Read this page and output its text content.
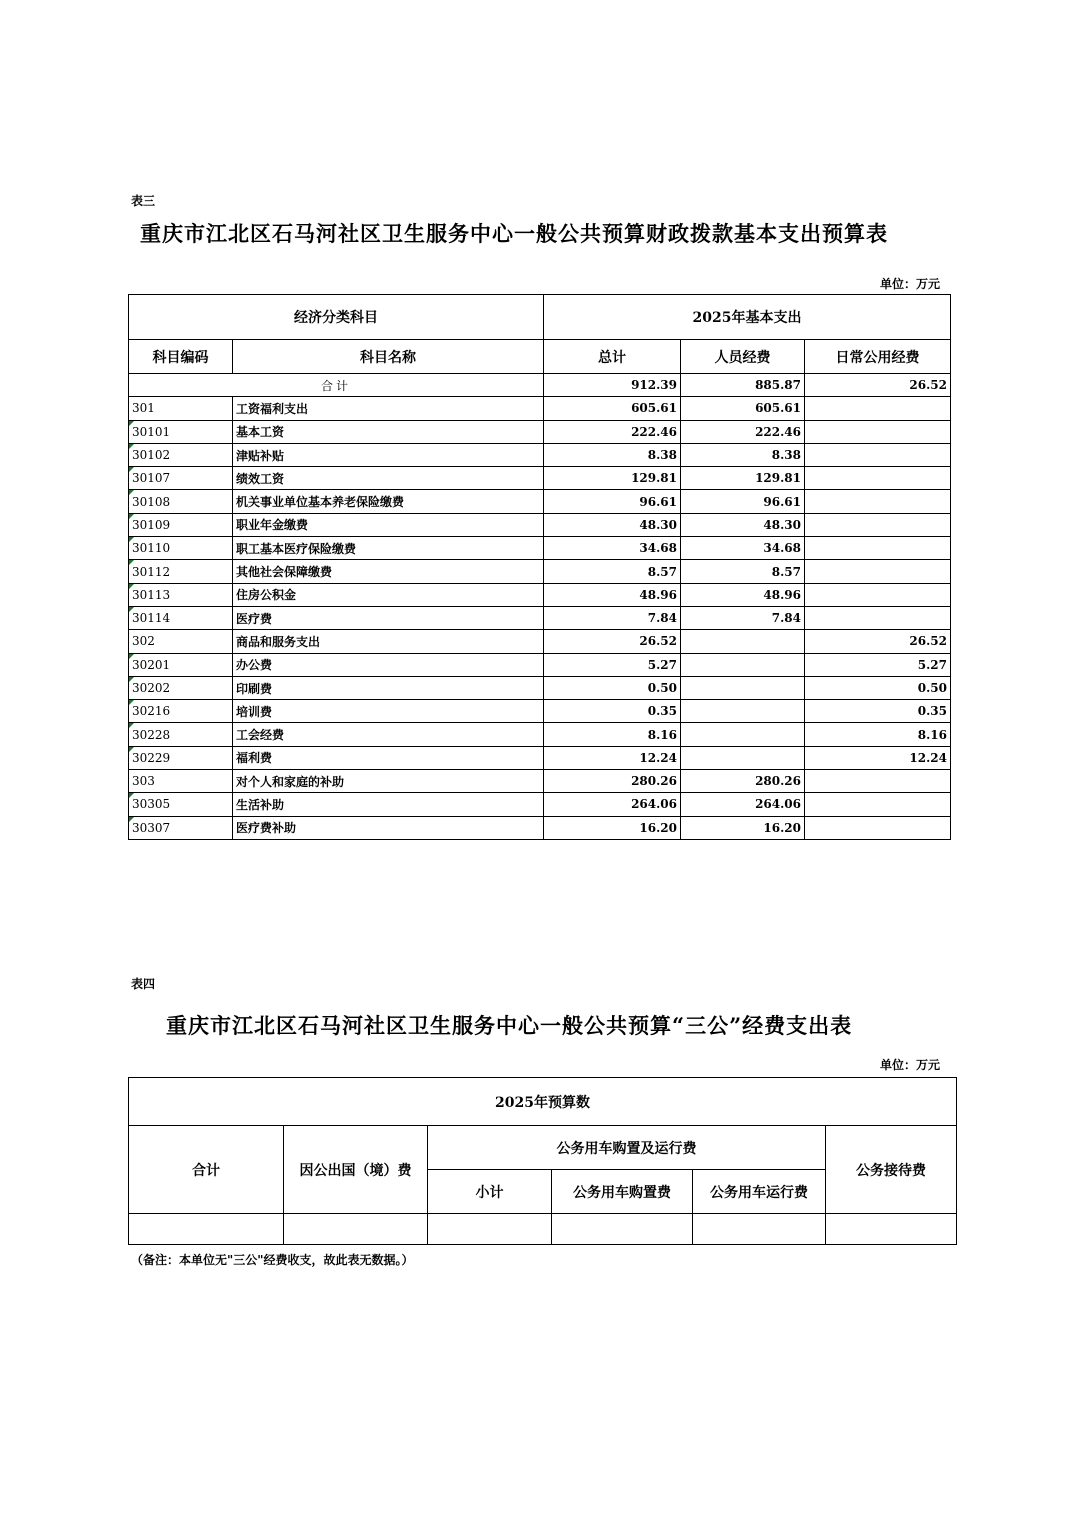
表三
重庆市江北区石马河社区卫生服务中心一般公共预算财政拨款基本支出预算表
单位：万元
经济分类科目		2025年基本支出		
科目编码	科目名称	总计	人员经费	日常公用经费
合计		912.39	885.87	26.52
301	工资福利支出	605.61	605.61	
30101	基本工资	222.46	222.46	
30102	津贴补贴	8.38	8.38	
30107	绩效工资	129.81	129.81	
30108	机关事业单位基本养老保险缴费	96.61	96.61	
30109	职业年金缴费	48.30	48.30	
30110	职工基本医疗保险缴费	34.68	34.68	
30112	其他社会保障缴费	8.57	8.57	
30113	住房公积金	48.96	48.96	
30114	医疗费	7.84	7.84	
302	商品和服务支出	26.52		26.52
30201	办公费	5.27		5.27
30202	印刷费	0.50		0.50
30216	培训费	0.35		0.35
30228	工会经费	8.16		8.16
30229	福利费	12.24		12.24
303	对个人和家庭的补助	280.26	280.26	
30305	生活补助	264.06	264.06	
30307	医疗费补助	16.20	16.20	
表四
重庆市江北区石马河社区卫生服务中心一般公共预算“三公”经费支出表
单位：万元
2025年预算数					
合计	因公出国（境）费	公务用车购置及运行费			公务接待费
		小计	公务用车购置费	公务用车运行费	

（备注：本单位无"三公"经费收支，故此表无数据。）
